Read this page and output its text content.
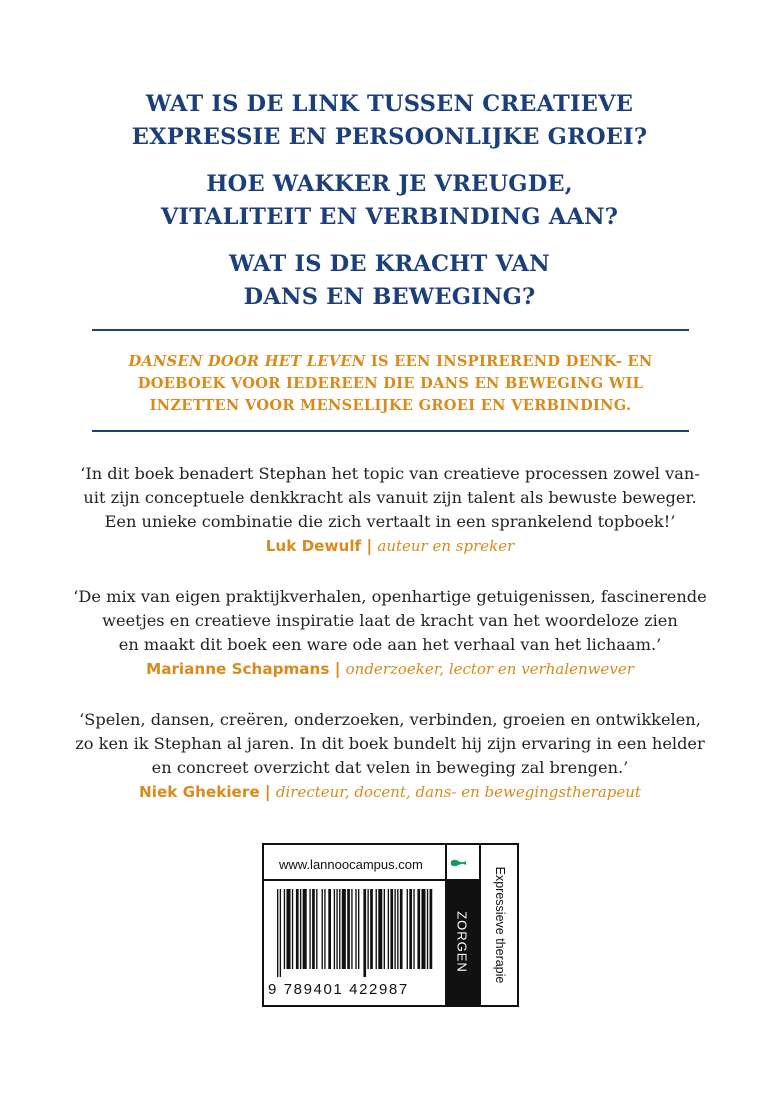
WAT IS DE LINK TUSSEN CREATIEVE
EXPRESSIE EN PERSOONLIJKE GROEI?
HOE WAKKER JE VREUGDE,
VITALITEIT EN VERBINDING AAN?
WAT IS DE KRACHT VAN
DANS EN BEWEGING?
DANSEN DOOR HET LEVEN IS EEN INSPIREREND DENK- EN
DOEBOEK VOOR IEDEREEN DIE DANS EN BEWEGING WIL
INZETTEN VOOR MENSELIJKE GROEI EN VERBINDING.
‘In dit boek benadert Stephan het topic van creatieve processen zowel van-
uit zijn conceptuele denkkracht als vanuit zijn talent als bewuste beweger.
Een unieke combinatie die zich vertaalt in een sprankelend topboek!’
Luk Dewulf | auteur en spreker
‘De mix van eigen praktijkverhalen, openhartige getuigenissen, fascinerende
weetjes en creatieve inspiratie laat de kracht van het woordeloze zien
en maakt dit boek een ware ode aan het verhaal van het lichaam.’
Marianne Schapmans | onderzoeker, lector en verhalenwever
‘Spelen, dansen, creëren, onderzoeken, verbinden, groeien en ontwikkelen,
zo ken ik Stephan al jaren. In dit boek bundelt hij zijn ervaring in een helder
en concreet overzicht dat velen in beweging zal brengen.’
Niek Ghekiere | directeur, docent, dans- en bewegingstherapeut
www.lannoocampus.com
ZORGEN Expressieve therapie
9 789401 422987
